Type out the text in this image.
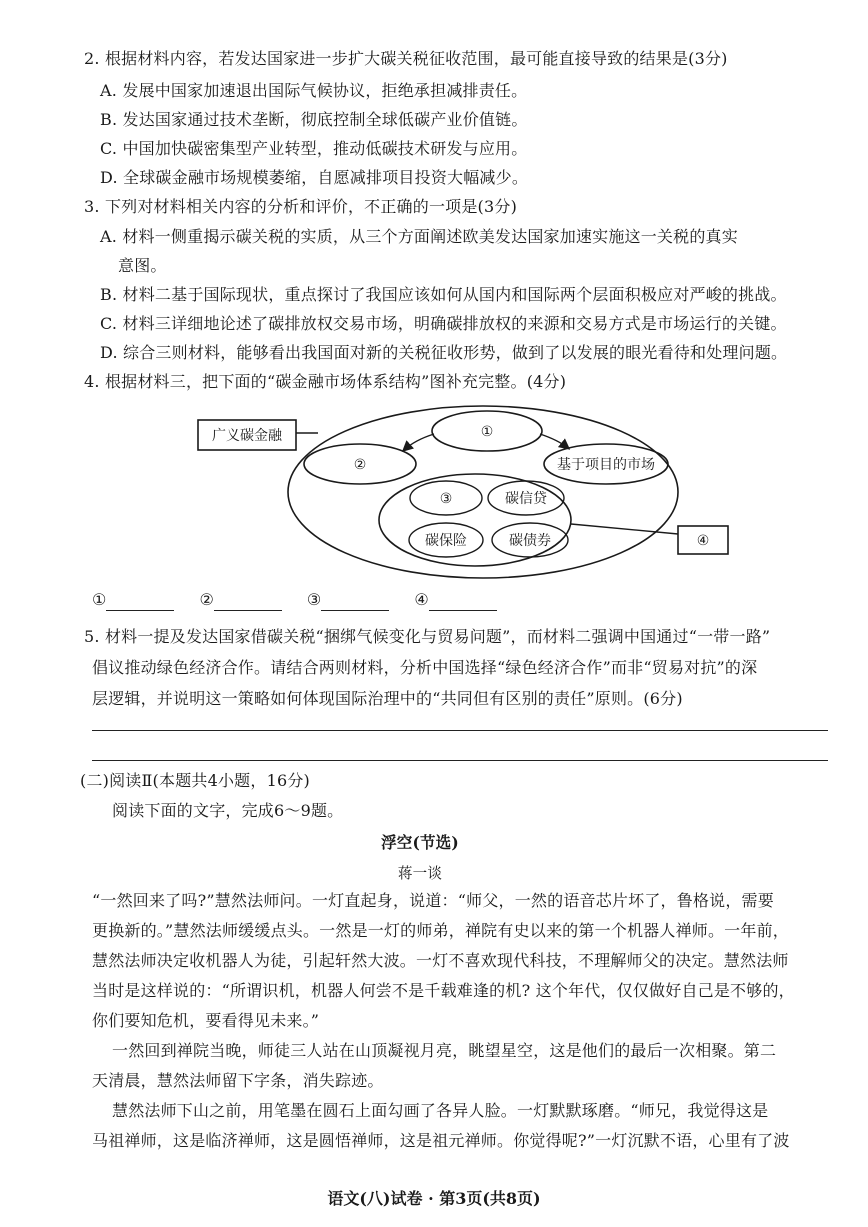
2. 根据材料内容，若发达国家进一步扩大碳关税征收范围，最可能直接导致的结果是(3分)
A. 发展中国家加速退出国际气候协议，拒绝承担减排责任。
B. 发达国家通过技术垄断，彻底控制全球低碳产业价值链。
C. 中国加快碳密集型产业转型，推动低碳技术研发与应用。
D. 全球碳金融市场规模萎缩，自愿减排项目投资大幅减少。
3. 下列对材料相关内容的分析和评价，不正确的一项是(3分)
A. 材料一侧重揭示碳关税的实质，从三个方面阐述欧美发达国家加速实施这一关税的真实
意图。
B. 材料二基于国际现状，重点探讨了我国应该如何从国内和国际两个层面积极应对严峻的挑战。
C. 材料三详细地论述了碳排放权交易市场，明确碳排放权的来源和交易方式是市场运行的关键。
D. 综合三则材料，能够看出我国面对新的关税征收形势，做到了以发展的眼光看待和处理问题。
4. 根据材料三，把下面的“碳金融市场体系结构”图补充完整。(4分)
广义碳金融	①
②	基于项目的市场
③	碳信贷
碳保险	碳债券	④
①	②	③	④
5. 材料一提及发达国家借碳关税“捆绑气候变化与贸易问题”，而材料二强调中国通过“一带一路”
倡议推动绿色经济合作。请结合两则材料，分析中国选择“绿色经济合作”而非“贸易对抗”的深
层逻辑，并说明这一策略如何体现国际治理中的“共同但有区别的责任”原则。(6分)
(二)阅读Ⅱ(本题共4小题，16分)
阅读下面的文字，完成6～9题。
浮空(节选)
蒋一谈
“一然回来了吗?”慧然法师问。一灯直起身，说道：“师父，一然的语音芯片坏了，鲁格说，需要
更换新的。”慧然法师缓缓点头。一然是一灯的师弟，禅院有史以来的第一个机器人禅师。一年前，
慧然法师决定收机器人为徒，引起轩然大波。一灯不喜欢现代科技，不理解师父的决定。慧然法师
当时是这样说的：“所谓识机，机器人何尝不是千载难逢的机? 这个年代，仅仅做好自己是不够的，
你们要知危机，要看得见未来。”
一然回到禅院当晚，师徒三人站在山顶凝视月亮，眺望星空，这是他们的最后一次相聚。第二
天清晨，慧然法师留下字条，消失踪迹。
慧然法师下山之前，用笔墨在圆石上面勾画了各异人脸。一灯默默琢磨。“师兄，我觉得这是
马祖禅师，这是临济禅师，这是圆悟禅师，这是祖元禅师。你觉得呢?”一灯沉默不语，心里有了波
语文(八)试卷 · 第3页(共8页)
